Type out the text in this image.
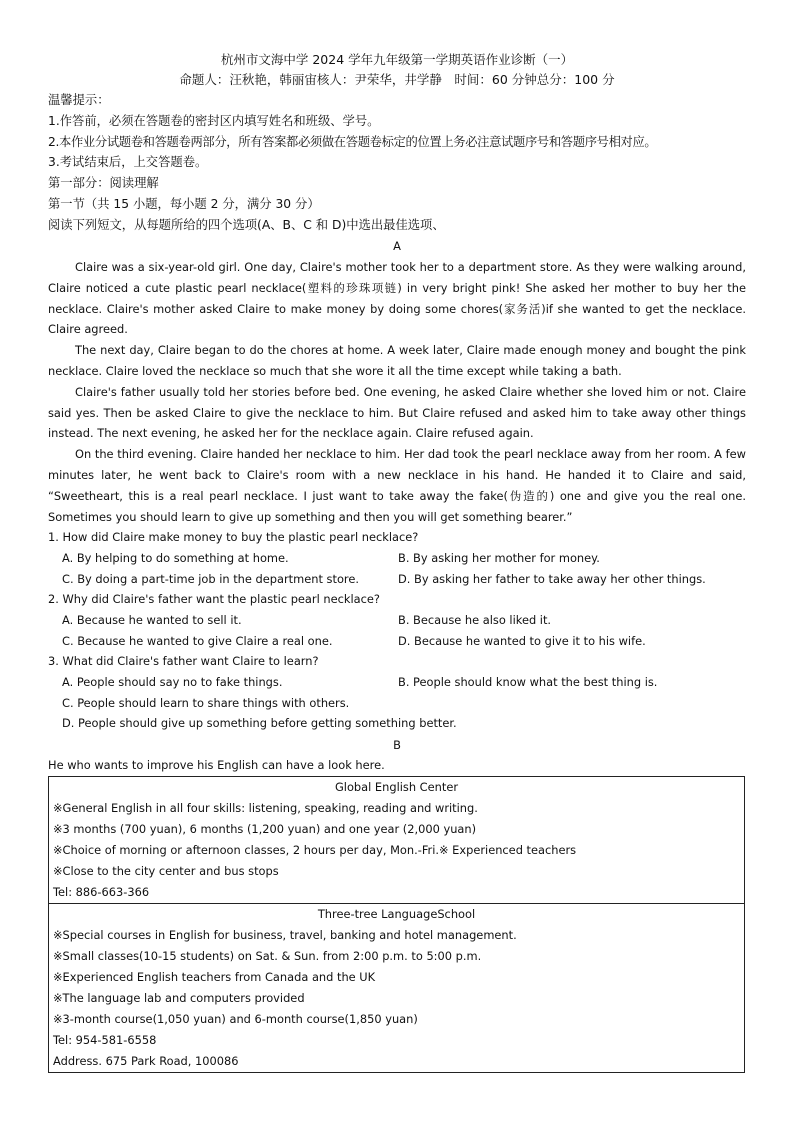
杭州市文海中学 2024 学年九年级第一学期英语作业诊断（一）
命题人：汪秋艳，韩丽宙核人：尹荣华，井学静　时间：60 分钟总分：100 分
温馨提示：
1.作答前，必须在答题卷的密封区内填写姓名和班级、学号。
2.本作业分试题卷和答题卷两部分，所有答案都必须做在答题卷标定的位置上务必注意试题序号和答题序号相对应。
3.考试结束后，上交答题卷。
第一部分：阅读理解
第一节（共 15 小题，每小题 2 分，满分 30 分）
阅读下列短文，从每题所给的四个选项(A、B、C 和 D)中选出最佳选项、
A

Claire was a six-year-old girl. One day, Claire's mother took her to a department store. As they were walking around, Claire noticed a cute plastic pearl necklace(塑料的珍珠项链) in very bright pink! She asked her mother to buy her the necklace. Claire's mother asked Claire to make money by doing some chores(家务活)if she wanted to get the necklace. Claire agreed.

The next day, Claire began to do the chores at home. A week later, Claire made enough money and bought the pink necklace. Claire loved the necklace so much that she wore it all the time except while taking a bath.

Claire's father usually told her stories before bed. One evening, he asked Claire whether she loved him or not. Claire said yes. Then be asked Claire to give the necklace to him. But Claire refused and asked him to take away other things instead. The next evening, he asked her for the necklace again. Claire refused again.

On the third evening. Claire handed her necklace to him. Her dad took the pearl necklace away from her room. A few minutes later, he went back to Claire's room with a new necklace in his hand. He handed it to Claire and said, “Sweetheart, this is a real pearl necklace. I just want to take away the fake(伪造的) one and give you the real one. Sometimes you should learn to give up something and then you will get something bearer.”

1. How did Claire make money to buy the plastic pearl necklace?
A. By helping to do something at home.	B. By asking her mother for money.
C. By doing a part-time job in the department store.	D. By asking her father to take away her other things.
2. Why did Claire's father want the plastic pearl necklace?
A. Because he wanted to sell it.	B. Because he also liked it.
C. Because he wanted to give Claire a real one.	D. Because he wanted to give it to his wife.
3. What did Claire's father want Claire to learn?
A. People should say no to fake things.	B. People should know what the best thing is.
C. People should learn to share things with others.
D. People should give up something before getting something better.
B
He who wants to improve his English can have a look here.
Global English Center
※General English in all four skills: listening, speaking, reading and writing.
※3 months (700 yuan), 6 months (1,200 yuan) and one year (2,000 yuan)
※Choice of morning or afternoon classes, 2 hours per day, Mon.-Fri.※ Experienced teachers
※Close to the city center and bus stops
Tel: 886-663-366
Three-tree LanguageSchool
※Special courses in English for business, travel, banking and hotel management.
※Small classes(10-15 students) on Sat. & Sun. from 2:00 p.m. to 5:00 p.m.
※Experienced English teachers from Canada and the UK
※The language lab and computers provided
※3-month course(1,050 yuan) and 6-month course(1,850 yuan)
Tel: 954-581-6558
Address. 675 Park Road, 100086
